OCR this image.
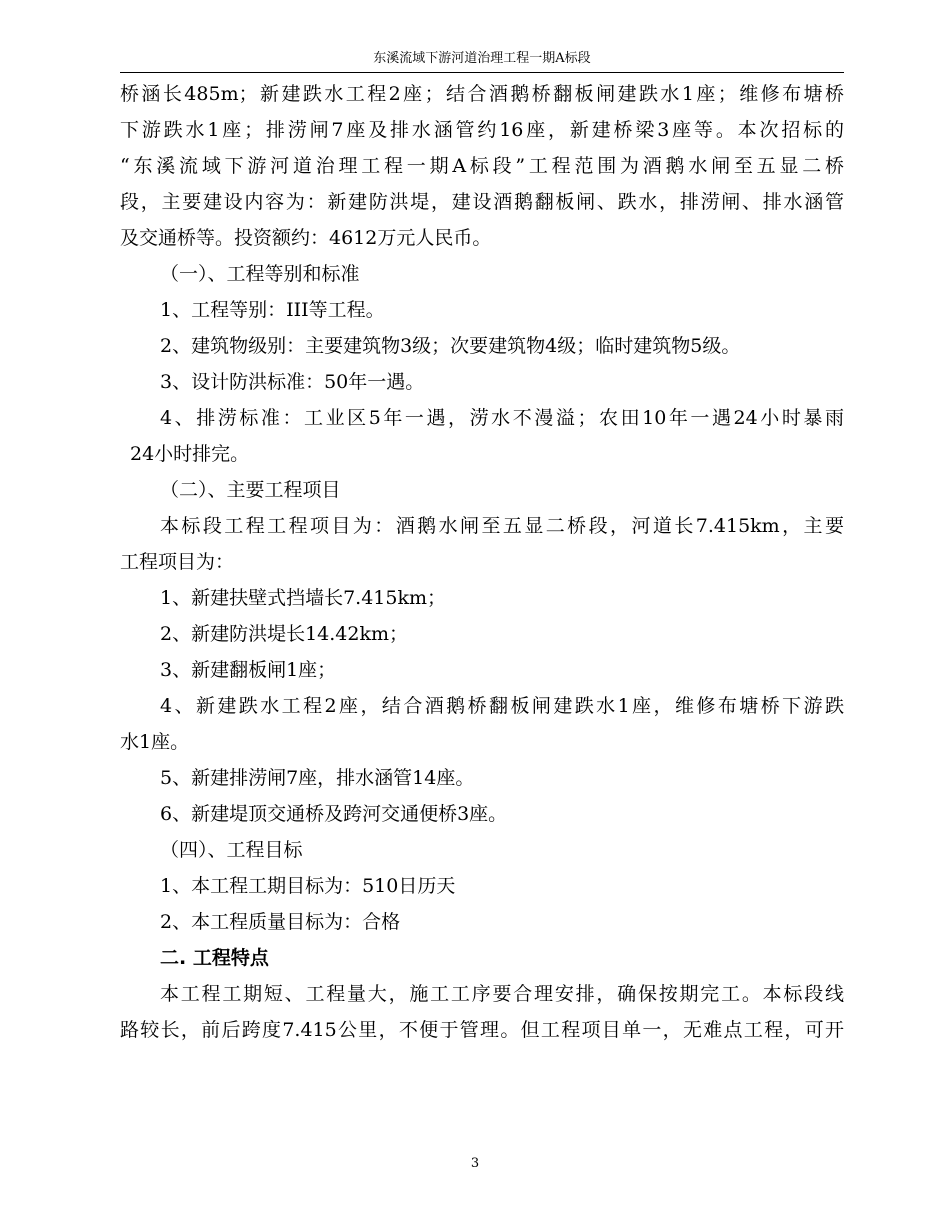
东溪流域下游河道治理工程一期A标段
桥涵长485m；新建跌水工程2座；结合酒鹅桥翻板闸建跌水1座；维修布塘桥
下游跌水1座；排涝闸7座及排水涵管约16座，新建桥梁3座等。本次招标的
“东溪流域下游河道治理工程一期A标段”工程范围为酒鹅水闸至五显二桥
段，主要建设内容为：新建防洪堤，建设酒鹅翻板闸、跌水，排涝闸、排水涵管
及交通桥等。投资额约：4612万元人民币。
（一）、工程等别和标准
1、工程等别：III等工程。
2、建筑物级别：主要建筑物3级；次要建筑物4级；临时建筑物5级。
3、设计防洪标准：50年一遇。
4、排涝标准：工业区5年一遇，涝水不漫溢；农田10年一遇24小时暴雨
24小时排完。
（二）、主要工程项目
本标段工程工程项目为：酒鹅水闸至五显二桥段，河道长7.415km，主要
工程项目为：
1、新建扶壁式挡墙长7.415km；
2、新建防洪堤长14.42km；
3、新建翻板闸1座；
4、新建跌水工程2座，结合酒鹅桥翻板闸建跌水1座，维修布塘桥下游跌
水1座。
5、新建排涝闸7座，排水涵管14座。
6、新建堤顶交通桥及跨河交通便桥3座。
（四）、工程目标
1、本工程工期目标为：510日历天
2、本工程质量目标为：合格
二. 工程特点
本工程工期短、工程量大，施工工序要合理安排，确保按期完工。本标段线
路较长，前后跨度7.415公里，不便于管理。但工程项目单一，无难点工程，可开
3
